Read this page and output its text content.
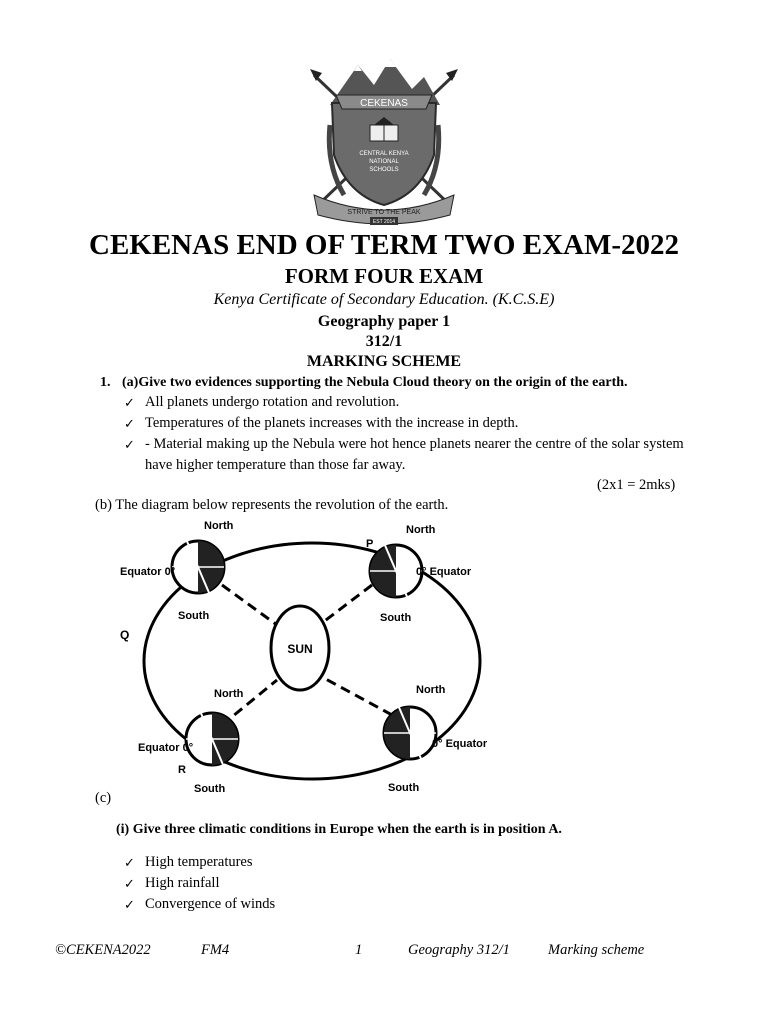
CEKENAS
CENTRAL KENYA
NATIONAL
SCHOOLS
STRIVE TO THE PEAK
EST 2014
CEKENAS END OF TERM TWO EXAM-2022
FORM FOUR EXAM
Kenya Certificate of Secondary Education. (K.C.S.E)
Geography paper 1
312/1
MARKING SCHEME
1. (a)Give two evidences supporting the Nebula Cloud theory on the origin of the earth.
✓ All planets undergo rotation and revolution.
✓ Temperatures of the planets increases with the increase in depth.
✓ - Material making up the Nebula were hot hence planets nearer the centre of the solar system have higher temperature than those far away.
(2x1 = 2mks)
(b) The diagram below represents the revolution of the earth.
SUN
North
South
Equator 0°
North
South
0° Equator
P
North
South
Equator 0°
R
North
South
0° Equator
Q
(c)
(i) Give three climatic conditions in Europe when the earth is in position A.
✓ High temperatures
✓ High rainfall
✓ Convergence of winds
©CEKENA2022	FM4	1	Geography 312/1	Marking scheme
